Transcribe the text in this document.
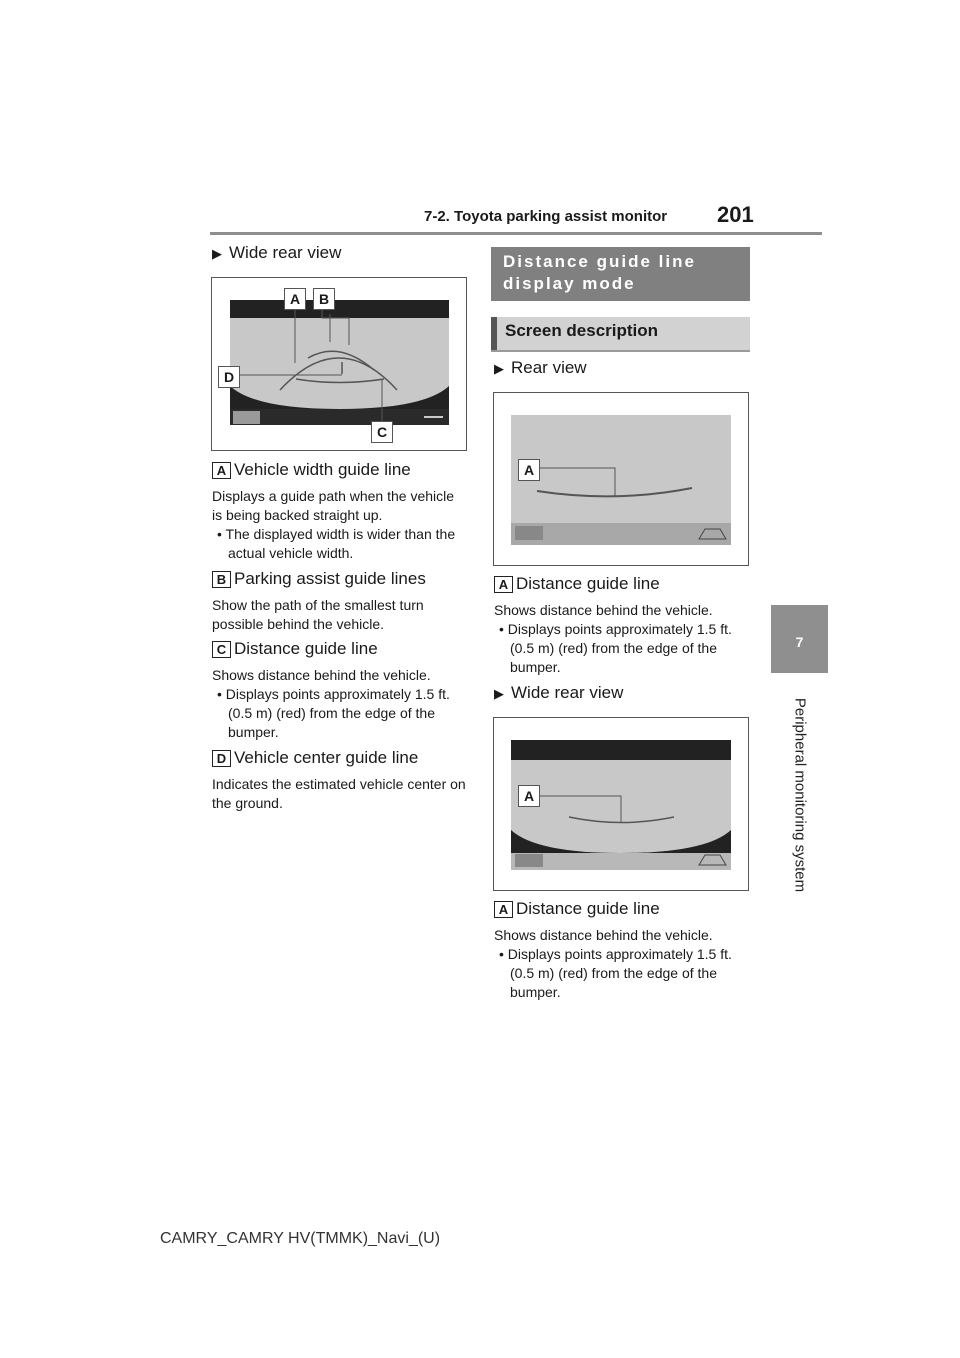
7-2. Toyota parking assist monitor 201
7
Peripheral monitoring system
▶ Wide rear view
A	B
C
D
A Vehicle width guide line
Displays a guide path when the vehicle is being backed straight up.
• The displayed width is wider than the actual vehicle width.
B Parking assist guide lines
Show the path of the smallest turn possible behind the vehicle.
C Distance guide line
Shows distance behind the vehicle.
• Displays points approximately 1.5 ft. (0.5 m) (red) from the edge of the bumper.
D Vehicle center guide line
Indicates the estimated vehicle center on the ground.
Distance guide line display mode
Screen description
▶ Rear view
A
A Distance guide line
Shows distance behind the vehicle.
• Displays points approximately 1.5 ft. (0.5 m) (red) from the edge of the bumper.
▶ Wide rear view
A
A Distance guide line
Shows distance behind the vehicle.
• Displays points approximately 1.5 ft. (0.5 m) (red) from the edge of the bumper.
CAMRY_CAMRY HV(TMMK)_Navi_(U)
